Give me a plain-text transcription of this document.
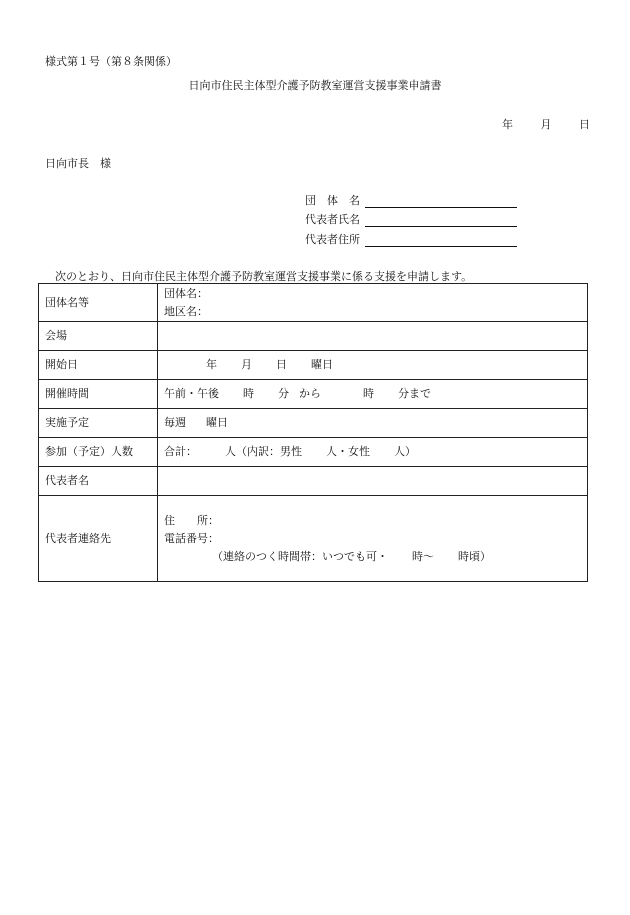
様式第１号（第８条関係）
日向市住民主体型介護予防教室運営支援事業申請書
年	月	日
日向市長　様
団　体　名
代表者氏名
代表者住所
次のとおり、日向市住民主体型介護予防教室運営支援事業に係る支援を申請します。
団体名等	団体名：
地区名：

会場	
開始日	年 月 日 曜日
開催時間	午前・午後 時 分 から 時 分まで
実施予定	毎週 曜日
参加（予定）人数	合計： 人（内訳：男性 人・女性 人）
代表者名	
代表者連絡先	住　　所：
電話番号：
（連絡のつく時間帯：いつでも可・ 時〜 時頃）
